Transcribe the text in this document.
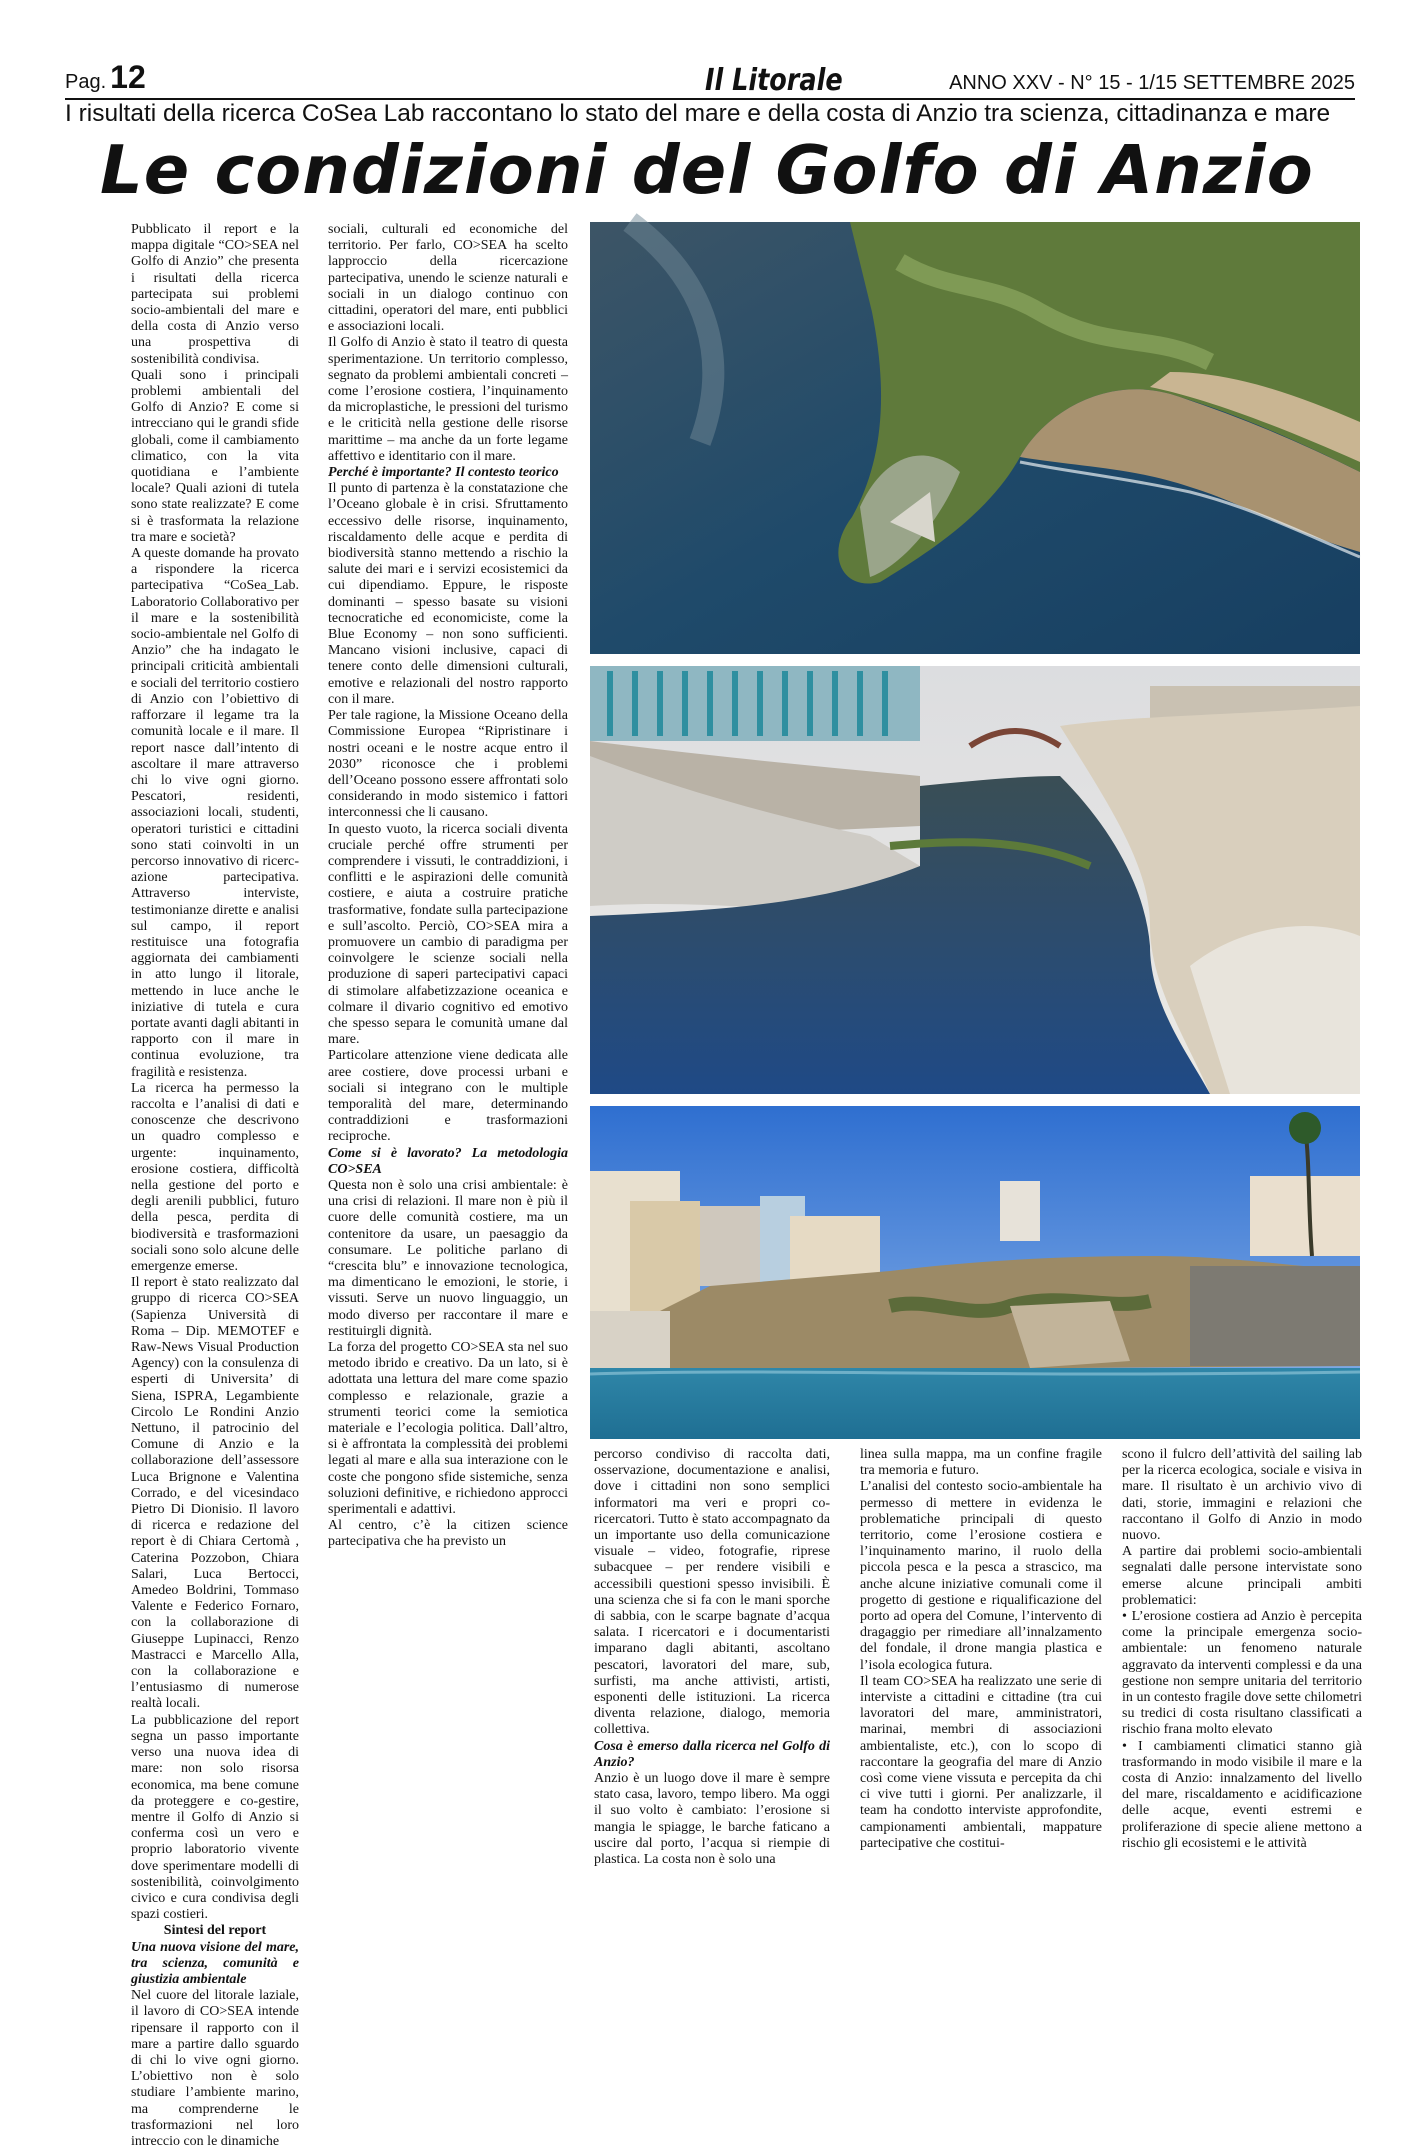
Pag. 12	Il Litorale	ANNO XXV - N° 15 - 1/15 SETTEMBRE 2025
I risultati della ricerca CoSea Lab raccontano lo stato del mare e della costa di Anzio tra scienza, cittadinanza e mare
Le condizioni del Golfo di Anzio

Pubblicato il report e la mappa digitale “CO>SEA nel Golfo di Anzio” che presenta i risultati della ricerca partecipata sui problemi socio-ambientali del mare e della costa di Anzio verso una prospettiva di sostenibilità condivisa.

Quali sono i principali problemi ambientali del Golfo di Anzio? E come si intrecciano qui le grandi sfide globali, come il cambiamento climatico, con la vita quotidiana e l’ambiente locale? Quali azioni di tutela sono state realizzate? E come si è trasformata la relazione tra mare e società?

A queste domande ha provato a rispondere la ricerca partecipativa “CoSea_Lab. Laboratorio Collaborativo per il mare e la sostenibilità socio-ambientale nel Golfo di Anzio” che ha indagato le principali criticità ambientali e sociali del territorio costiero di Anzio con l’obiettivo di rafforzare il legame tra la comunità locale e il mare. Il report nasce dall’intento di ascoltare il mare attraverso chi lo vive ogni giorno. Pescatori, residenti, associazioni locali, studenti, operatori turistici e cittadini sono stati coinvolti in un percorso innovativo di ricerc-azione partecipativa. Attraverso interviste, testimonianze dirette e analisi sul campo, il report restituisce una fotografia aggiornata dei cambiamenti in atto lungo il litorale, mettendo in luce anche le iniziative di tutela e cura portate avanti dagli abitanti in rapporto con il mare in continua evoluzione, tra fragilità e resistenza.

La ricerca ha permesso la raccolta e l’analisi di dati e conoscenze che descrivono un quadro complesso e urgente: inquinamento, erosione costiera, difficoltà nella gestione del porto e degli arenili pubblici, futuro della pesca, perdita di biodiversità e trasformazioni sociali sono solo alcune delle emergenze emerse.

Il report è stato realizzato dal gruppo di ricerca CO>SEA (Sapienza Università di Roma – Dip. MEMOTEF e Raw-News Visual Production Agency) con la consulenza di esperti di Universita’ di Siena, ISPRA, Legambiente Circolo Le Rondini Anzio Nettuno, il patrocinio del Comune di Anzio e la collaborazione dell’assessore Luca Brignone e Valentina Corrado, e del vicesindaco Pietro Di Dionisio. Il lavoro di ricerca e redazione del report è di Chiara Certomà , Caterina Pozzobon, Chiara Salari, Luca Bertocci, Amedeo Boldrini, Tommaso Valente e Federico Fornaro, con la collaborazione di Giuseppe Lupinacci, Renzo Mastracci e Marcello Alla, con la collaborazione e l’entusiasmo di numerose realtà locali.

La pubblicazione del report segna un passo importante verso una nuova idea di mare: non solo risorsa economica, ma bene comune da proteggere e co-gestire, mentre il Golfo di Anzio si conferma così un vero e proprio laboratorio vivente dove sperimentare modelli di sostenibilità, coinvolgimento civico e cura condivisa degli spazi costieri.

Sintesi del report

Una nuova visione del mare, tra scienza, comunità e giustizia ambientale

Nel cuore del litorale laziale, il lavoro di CO>SEA intende ripensare il rapporto con il mare a partire dallo sguardo di chi lo vive ogni giorno. L’obiettivo non è solo studiare l’ambiente marino, ma comprenderne le trasformazioni nel loro intreccio con le dinamiche

sociali, culturali ed economiche del territorio. Per farlo, CO>SEA ha scelto lapproccio della ricercazione partecipativa, unendo le scienze naturali e sociali in un dialogo continuo con cittadini, operatori del mare, enti pubblici e associazioni locali.

Il Golfo di Anzio è stato il teatro di questa sperimentazione. Un territorio complesso, segnato da problemi ambientali concreti – come l’erosione costiera, l’inquinamento da microplastiche, le pressioni del turismo e le criticità nella gestione delle risorse marittime – ma anche da un forte legame affettivo e identitario con il mare.

Perché è importante? Il contesto teorico

Il punto di partenza è la constatazione che l’Oceano globale è in crisi. Sfruttamento eccessivo delle risorse, inquinamento, riscaldamento delle acque e perdita di biodiversità stanno mettendo a rischio la salute dei mari e i servizi ecosistemici da cui dipendiamo. Eppure, le risposte dominanti – spesso basate su visioni tecnocratiche ed economiciste, come la Blue Economy – non sono sufficienti. Mancano visioni inclusive, capaci di tenere conto delle dimensioni culturali, emotive e relazionali del nostro rapporto con il mare.

Per tale ragione, la Missione Oceano della Commissione Europea “Ripristinare i nostri oceani e le nostre acque entro il 2030” riconosce che i problemi dell’Oceano possono essere affrontati solo considerando in modo sistemico i fattori interconnessi che li causano.

In questo vuoto, la ricerca sociali diventa cruciale perché offre strumenti per comprendere i vissuti, le contraddizioni, i conflitti e le aspirazioni delle comunità costiere, e aiuta a costruire pratiche trasformative, fondate sulla partecipazione e sull’ascolto. Perciò, CO>SEA mira a promuovere un cambio di paradigma per coinvolgere le scienze sociali nella produzione di saperi partecipativi capaci di stimolare alfabetizzazione oceanica e colmare il divario cognitivo ed emotivo che spesso separa le comunità umane dal mare.

Particolare attenzione viene dedicata alle aree costiere, dove processi urbani e sociali si integrano con le multiple temporalità del mare, determinando contraddizioni e trasformazioni reciproche.

Come si è lavorato? La metodologia CO>SEA

Questa non è solo una crisi ambientale: è una crisi di relazioni. Il mare non è più il cuore delle comunità costiere, ma un contenitore da usare, un paesaggio da consumare. Le politiche parlano di “crescita blu” e innovazione tecnologica, ma dimenticano le emozioni, le storie, i vissuti. Serve un nuovo linguaggio, un modo diverso per raccontare il mare e restituirgli dignità.

La forza del progetto CO>SEA sta nel suo metodo ibrido e creativo. Da un lato, si è adottata una lettura del mare come spazio complesso e relazionale, grazie a strumenti teorici come la semiotica materiale e l’ecologia politica. Dall’altro, si è affrontata la complessità dei problemi legati al mare e alla sua interazione con le coste che pongono sfide sistemiche, senza soluzioni definitive, e richiedono approcci sperimentali e adattivi.

Al centro, c’è la citizen science partecipativa che ha previsto un

percorso condiviso di raccolta dati, osservazione, documentazione e analisi, dove i cittadini non sono semplici informatori ma veri e propri co-ricercatori. Tutto è stato accompagnato da un importante uso della comunicazione visuale – video, fotografie, riprese subacquee – per rendere visibili e accessibili questioni spesso invisibili. È una scienza che si fa con le mani sporche di sabbia, con le scarpe bagnate d’acqua salata. I ricercatori e i documentaristi imparano dagli abitanti, ascoltano pescatori, lavoratori del mare, sub, surfisti, ma anche attivisti, artisti, esponenti delle istituzioni. La ricerca diventa relazione, dialogo, memoria collettiva.

Cosa è emerso dalla ricerca nel Golfo di Anzio?

Anzio è un luogo dove il mare è sempre stato casa, lavoro, tempo libero. Ma oggi il suo volto è cambiato: l’erosione si mangia le spiagge, le barche faticano a uscire dal porto, l’acqua si riempie di plastica. La costa non è solo una

linea sulla mappa, ma un confine fragile tra memoria e futuro.

L’analisi del contesto socio-ambientale ha permesso di mettere in evidenza le problematiche principali di questo territorio, come l’erosione costiera e l’inquinamento marino, il ruolo della piccola pesca e la pesca a strascico, ma anche alcune iniziative comunali come il progetto di gestione e riqualificazione del porto ad opera del Comune, l’intervento di dragaggio per rimediare all’innalzamento del fondale, il drone mangia plastica e l’isola ecologica futura.

Il team CO>SEA ha realizzato une serie di interviste a cittadini e cittadine (tra cui lavoratori del mare, amministratori, marinai, membri di associazioni ambientaliste, etc.), con lo scopo di raccontare la geografia del mare di Anzio così come viene vissuta e percepita da chi ci vive tutti i giorni. Per analizzarle, il team ha condotto interviste approfondite, campionamenti ambientali, mappature partecipative che costitui-

scono il fulcro dell’attività del sailing lab per la ricerca ecologica, sociale e visiva in mare. Il risultato è un archivio vivo di dati, storie, immagini e relazioni che raccontano il Golfo di Anzio in modo nuovo.

A partire dai problemi socio-ambientali segnalati dalle persone intervistate sono emerse alcune principali ambiti problematici:

• L’erosione costiera ad Anzio è percepita come la principale emergenza socio-ambientale: un fenomeno naturale aggravato da interventi complessi e da una gestione non sempre unitaria del territorio in un contesto fragile dove sette chilometri su tredici di costa risultano classificati a rischio frana molto elevato

• I cambiamenti climatici stanno già trasformando in modo visibile il mare e la costa di Anzio: innalzamento del livello del mare, riscaldamento e acidificazione delle acque, eventi estremi e proliferazione di specie aliene mettono a rischio gli ecosistemi e le attività
